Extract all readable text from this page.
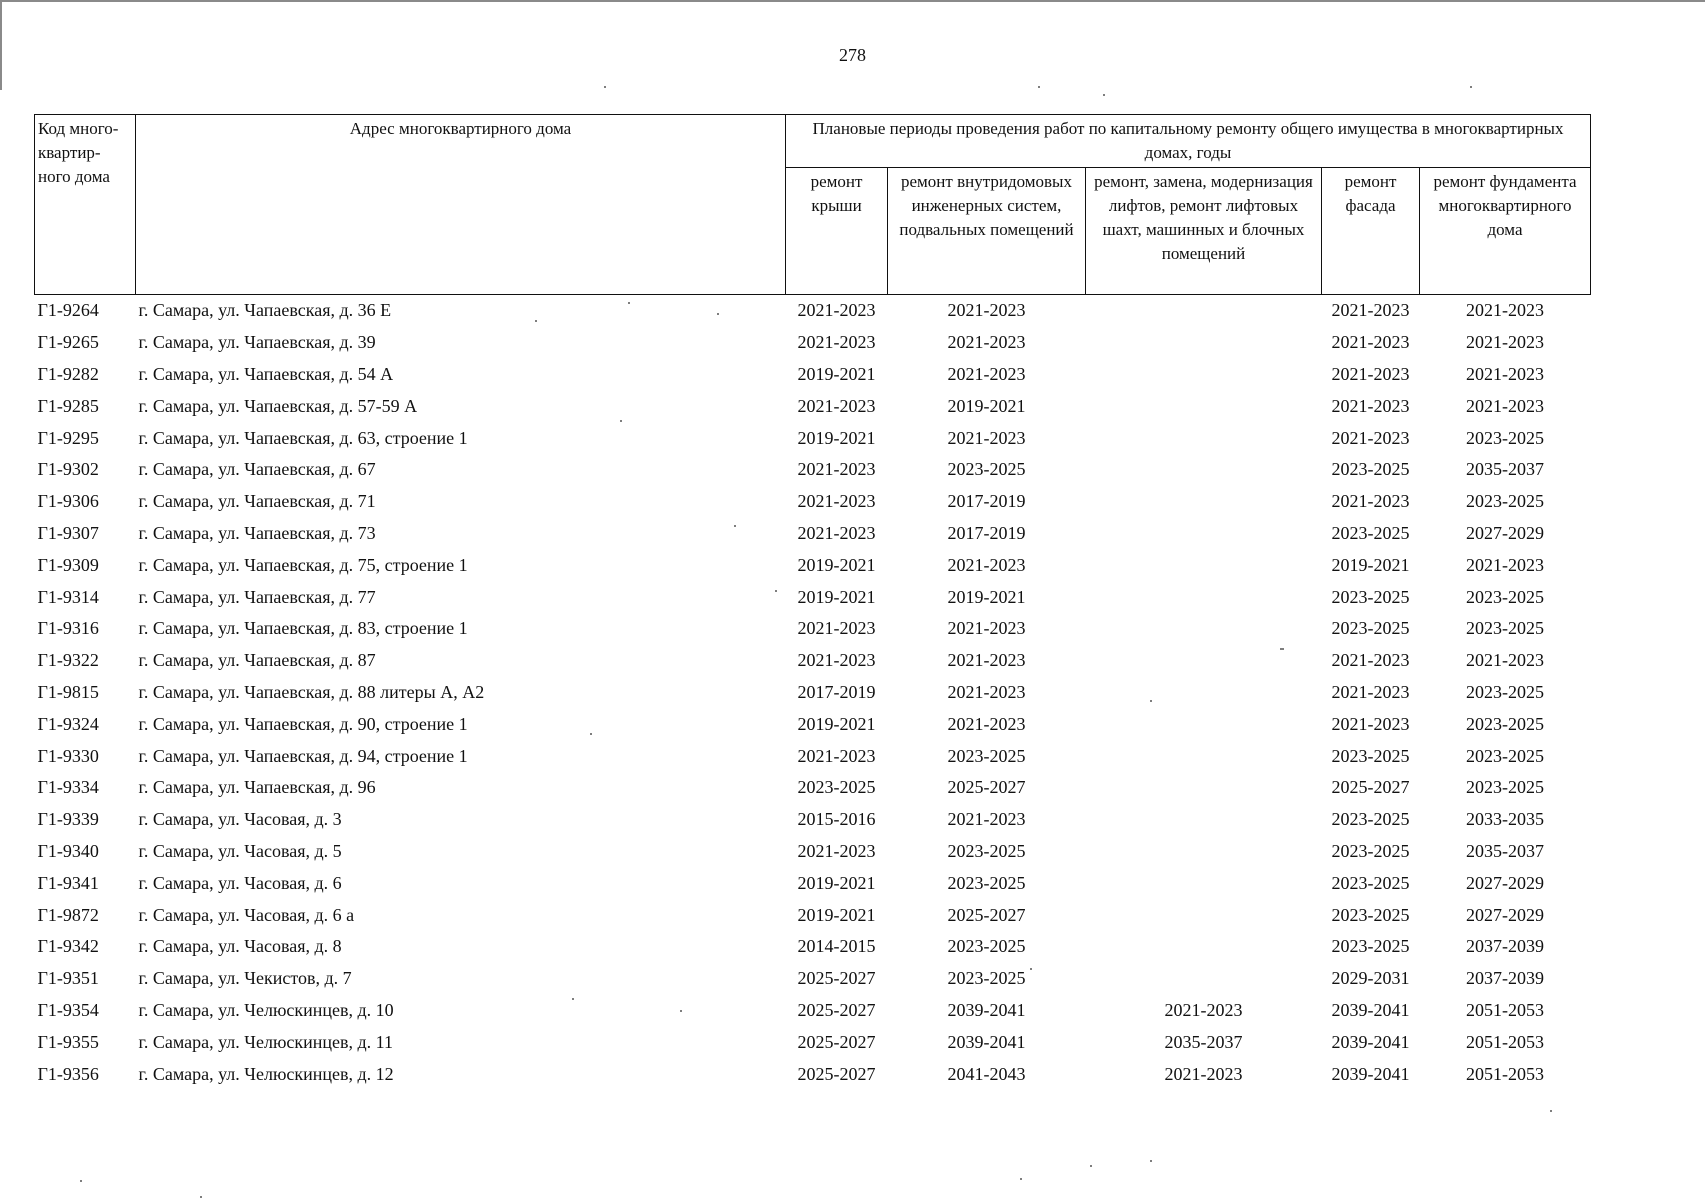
278
Код много-квартир-ного дома	Адрес многоквартирного дома	Плановые периоды проведения работ по капитальному ремонту общего имущества в многоквартирных домах, годы				
		ремонт крыши	ремонт внутридомовых инженерных систем, подвальных помещений	ремонт, замена, модернизация лифтов, ремонт лифтовых шахт, машинных и блочных помещений	ремонт фасада	ремонт фундамента многоквартирного дома
Г1-9264	г. Самара, ул. Чапаевская, д. 36 Е	2021-2023	2021-2023		2021-2023	2021-2023
Г1-9265	г. Самара, ул. Чапаевская, д. 39	2021-2023	2021-2023		2021-2023	2021-2023
Г1-9282	г. Самара, ул. Чапаевская, д. 54 А	2019-2021	2021-2023		2021-2023	2021-2023
Г1-9285	г. Самара, ул. Чапаевская, д. 57-59 А	2021-2023	2019-2021		2021-2023	2021-2023
Г1-9295	г. Самара, ул. Чапаевская, д. 63, строение 1	2019-2021	2021-2023		2021-2023	2023-2025
Г1-9302	г. Самара, ул. Чапаевская, д. 67	2021-2023	2023-2025		2023-2025	2035-2037
Г1-9306	г. Самара, ул. Чапаевская, д. 71	2021-2023	2017-2019		2021-2023	2023-2025
Г1-9307	г. Самара, ул. Чапаевская, д. 73	2021-2023	2017-2019		2023-2025	2027-2029
Г1-9309	г. Самара, ул. Чапаевская, д. 75, строение 1	2019-2021	2021-2023		2019-2021	2021-2023
Г1-9314	г. Самара, ул. Чапаевская, д. 77	2019-2021	2019-2021		2023-2025	2023-2025
Г1-9316	г. Самара, ул. Чапаевская, д. 83, строение 1	2021-2023	2021-2023		2023-2025	2023-2025
Г1-9322	г. Самара, ул. Чапаевская, д. 87	2021-2023	2021-2023		2021-2023	2021-2023
Г1-9815	г. Самара, ул. Чапаевская, д. 88 литеры А, А2	2017-2019	2021-2023		2021-2023	2023-2025
Г1-9324	г. Самара, ул. Чапаевская, д. 90, строение 1	2019-2021	2021-2023		2021-2023	2023-2025
Г1-9330	г. Самара, ул. Чапаевская, д. 94, строение 1	2021-2023	2023-2025		2023-2025	2023-2025
Г1-9334	г. Самара, ул. Чапаевская, д. 96	2023-2025	2025-2027		2025-2027	2023-2025
Г1-9339	г. Самара, ул. Часовая, д. 3	2015-2016	2021-2023		2023-2025	2033-2035
Г1-9340	г. Самара, ул. Часовая, д. 5	2021-2023	2023-2025		2023-2025	2035-2037
Г1-9341	г. Самара, ул. Часовая, д. 6	2019-2021	2023-2025		2023-2025	2027-2029
Г1-9872	г. Самара, ул. Часовая, д. 6 а	2019-2021	2025-2027		2023-2025	2027-2029
Г1-9342	г. Самара, ул. Часовая, д. 8	2014-2015	2023-2025		2023-2025	2037-2039
Г1-9351	г. Самара, ул. Чекистов, д. 7	2025-2027	2023-2025		2029-2031	2037-2039
Г1-9354	г. Самара, ул. Челюскинцев, д. 10	2025-2027	2039-2041	2021-2023	2039-2041	2051-2053
Г1-9355	г. Самара, ул. Челюскинцев, д. 11	2025-2027	2039-2041	2035-2037	2039-2041	2051-2053
Г1-9356	г. Самара, ул. Челюскинцев, д. 12	2025-2027	2041-2043	2021-2023	2039-2041	2051-2053
